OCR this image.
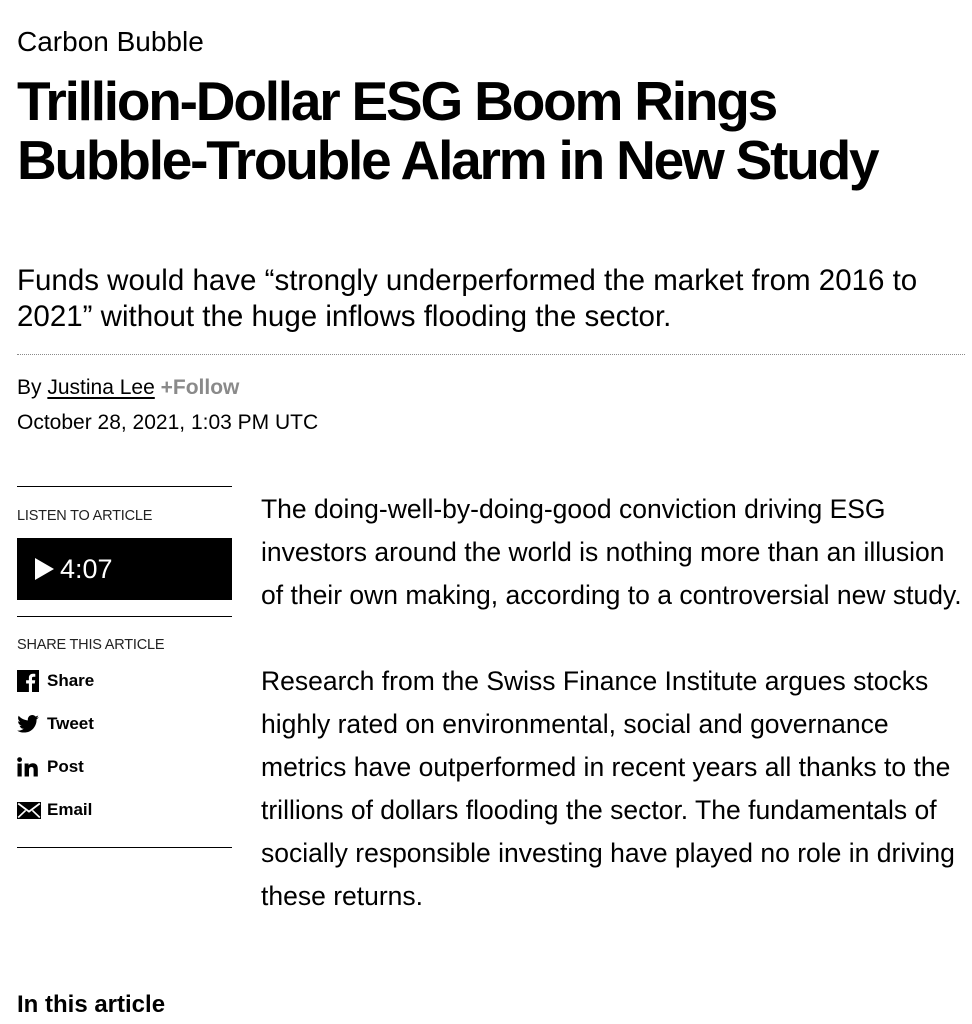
Carbon Bubble
Trillion-Dollar ESG Boom Rings Bubble-Trouble Alarm in New Study
Funds would have “strongly underperformed the market from 2016 to 2021” without the huge inflows flooding the sector.
By Justina Lee +Follow
October 28, 2021, 1:03 PM UTC
LISTEN TO ARTICLE
4:07
SHARE THIS ARTICLE
Share
Tweet
Post
Email
In this article

The doing-well-by-doing-good conviction driving ESG investors around the world is nothing more than an illusion of their own making, according to a controversial new study.

Research from the Swiss Finance Institute argues stocks highly rated on environmental, social and governance metrics have outperformed in recent years all thanks to the trillions of dollars flooding the sector. The fundamentals of socially responsible investing have played no role in driving these returns.
